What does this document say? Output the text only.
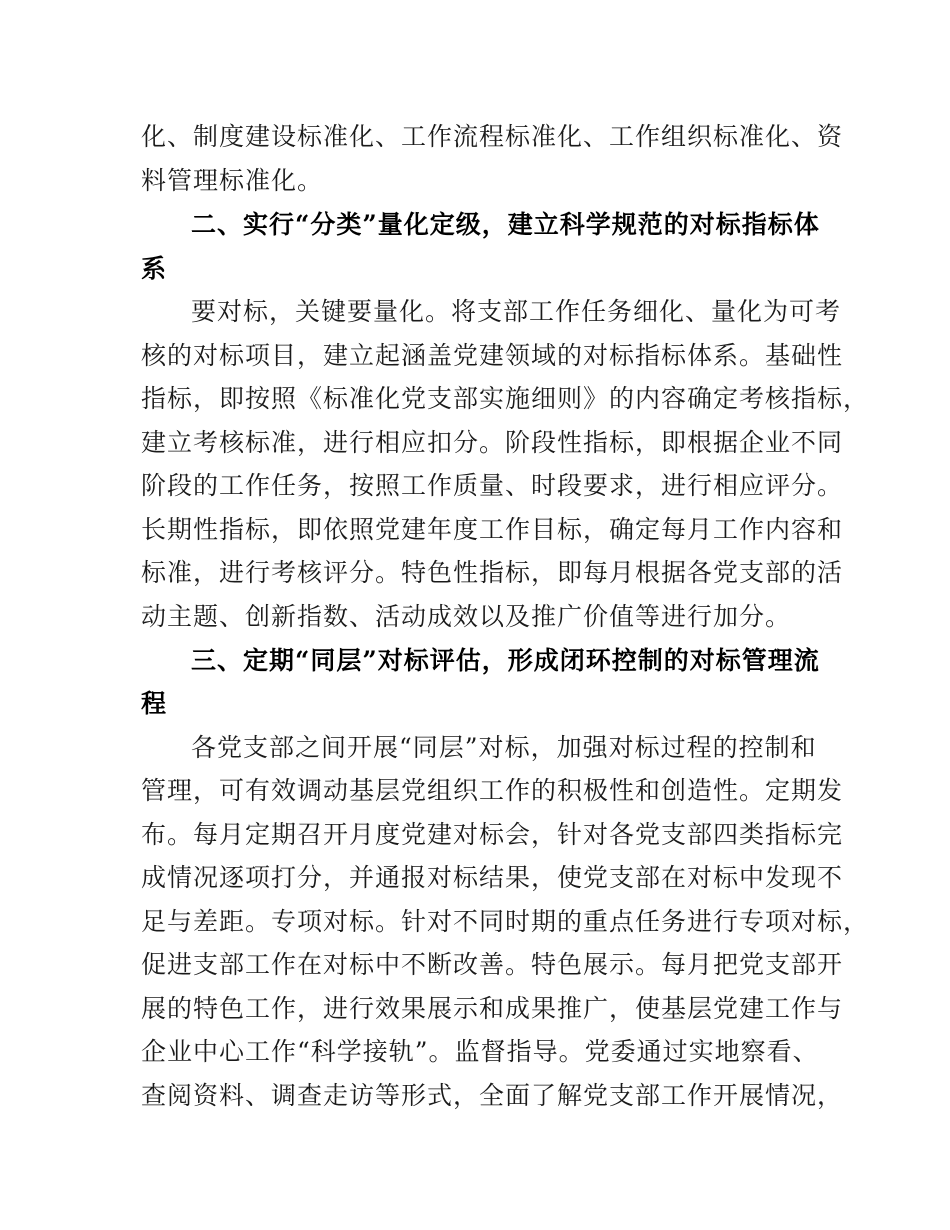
化、制度建设标准化、工作流程标准化、工作组织标准化、资
料管理标准化。
二、实行“分类”量化定级，建立科学规范的对标指标体
系
要对标，关键要量化。将支部工作任务细化、量化为可考
核的对标项目，建立起涵盖党建领域的对标指标体系。基础性
指标，即按照《标准化党支部实施细则》的内容确定考核指标，
建立考核标准，进行相应扣分。阶段性指标，即根据企业不同
阶段的工作任务，按照工作质量、时段要求，进行相应评分。
长期性指标，即依照党建年度工作目标，确定每月工作内容和
标准，进行考核评分。特色性指标，即每月根据各党支部的活
动主题、创新指数、活动成效以及推广价值等进行加分。
三、定期“同层”对标评估，形成闭环控制的对标管理流
程
各党支部之间开展“同层”对标，加强对标过程的控制和
管理，可有效调动基层党组织工作的积极性和创造性。定期发
布。每月定期召开月度党建对标会，针对各党支部四类指标完
成情况逐项打分，并通报对标结果，使党支部在对标中发现不
足与差距。专项对标。针对不同时期的重点任务进行专项对标，
促进支部工作在对标中不断改善。特色展示。每月把党支部开
展的特色工作，进行效果展示和成果推广，使基层党建工作与
企业中心工作“科学接轨”。监督指导。党委通过实地察看、
查阅资料、调查走访等形式，全面了解党支部工作开展情况，
